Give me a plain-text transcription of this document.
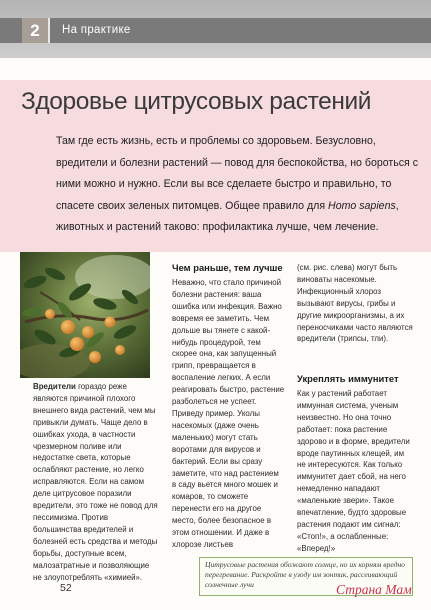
2	На практике
Здоровье цитрусовых растений

Там где есть жизнь, есть и проблемы со здоровьем. Безусловно, вредители и болезни растений — повод для беспокойства, но бороться с ними можно и нужно. Если вы все сделаете быстро и правильно, то спасете своих зеленых питомцев. Общее правило для Homo sapiens, животных и растений таково: профилактика лучше, чем лечение.

Вредители гораздо реже являются причиной плохого внешнего вида растений, чем мы привыкли думать. Чаще дело в ошибках ухода, в частности чрезмерном поливе или недостатке света, которые ослабляют растение, но легко исправляются. Если на самом деле цитрусовое поразили вредители, это тоже не повод для пессимизма. Против большинства вредителей и болезней есть средства и методы борьбы, доступные всем, малозатратные и позволяющие не злоупотреблять «химией».

Чем раньше, тем лучше

Неважно, что стало причиной болезни растения: ваша ошибка или инфекция. Важно вовремя ее заметить. Чем дольше вы тянете с какой-нибудь процедурой, тем скорее она, как запущенный грипп, превращается в воспаление легких. А если реагировать быстро, растение разболеться не успеет. Приведу пример. Уколы насекомых (даже очень маленьких) могут стать воротами для вирусов и бактерий. Если вы сразу заметите, что над растением в саду вьется много мошек и комаров, то сможете перенести его на другое место, более безопасное в этом отношении. И даже в хлорозе листьев

(см. рис. слева) могут быть виноваты насекомые. Инфекционный хлороз вызывают вирусы, грибы и другие микроорганизмы, а их переносчиками часто являются вредители (трипсы, тли).

Укреплять иммунитет

Как у растений работает иммунная система, ученым неизвестно. Но она точно работает: пока растение здорово и в форме, вредители вроде паутинных клещей, им не интересуются. Как только иммунитет дает сбой, на него немедленно нападают «маленькие звери». Такое впечатление, будто здоровые растения подают им сигнал: «Стоп!», а ослабленные: «Вперед!»

Цитрусовые растения обожают солнце, но их корням вредно перегревание. Раскройте в узоду им зонтик, рассеивающий солнечные лучи

52	Страна Мам
